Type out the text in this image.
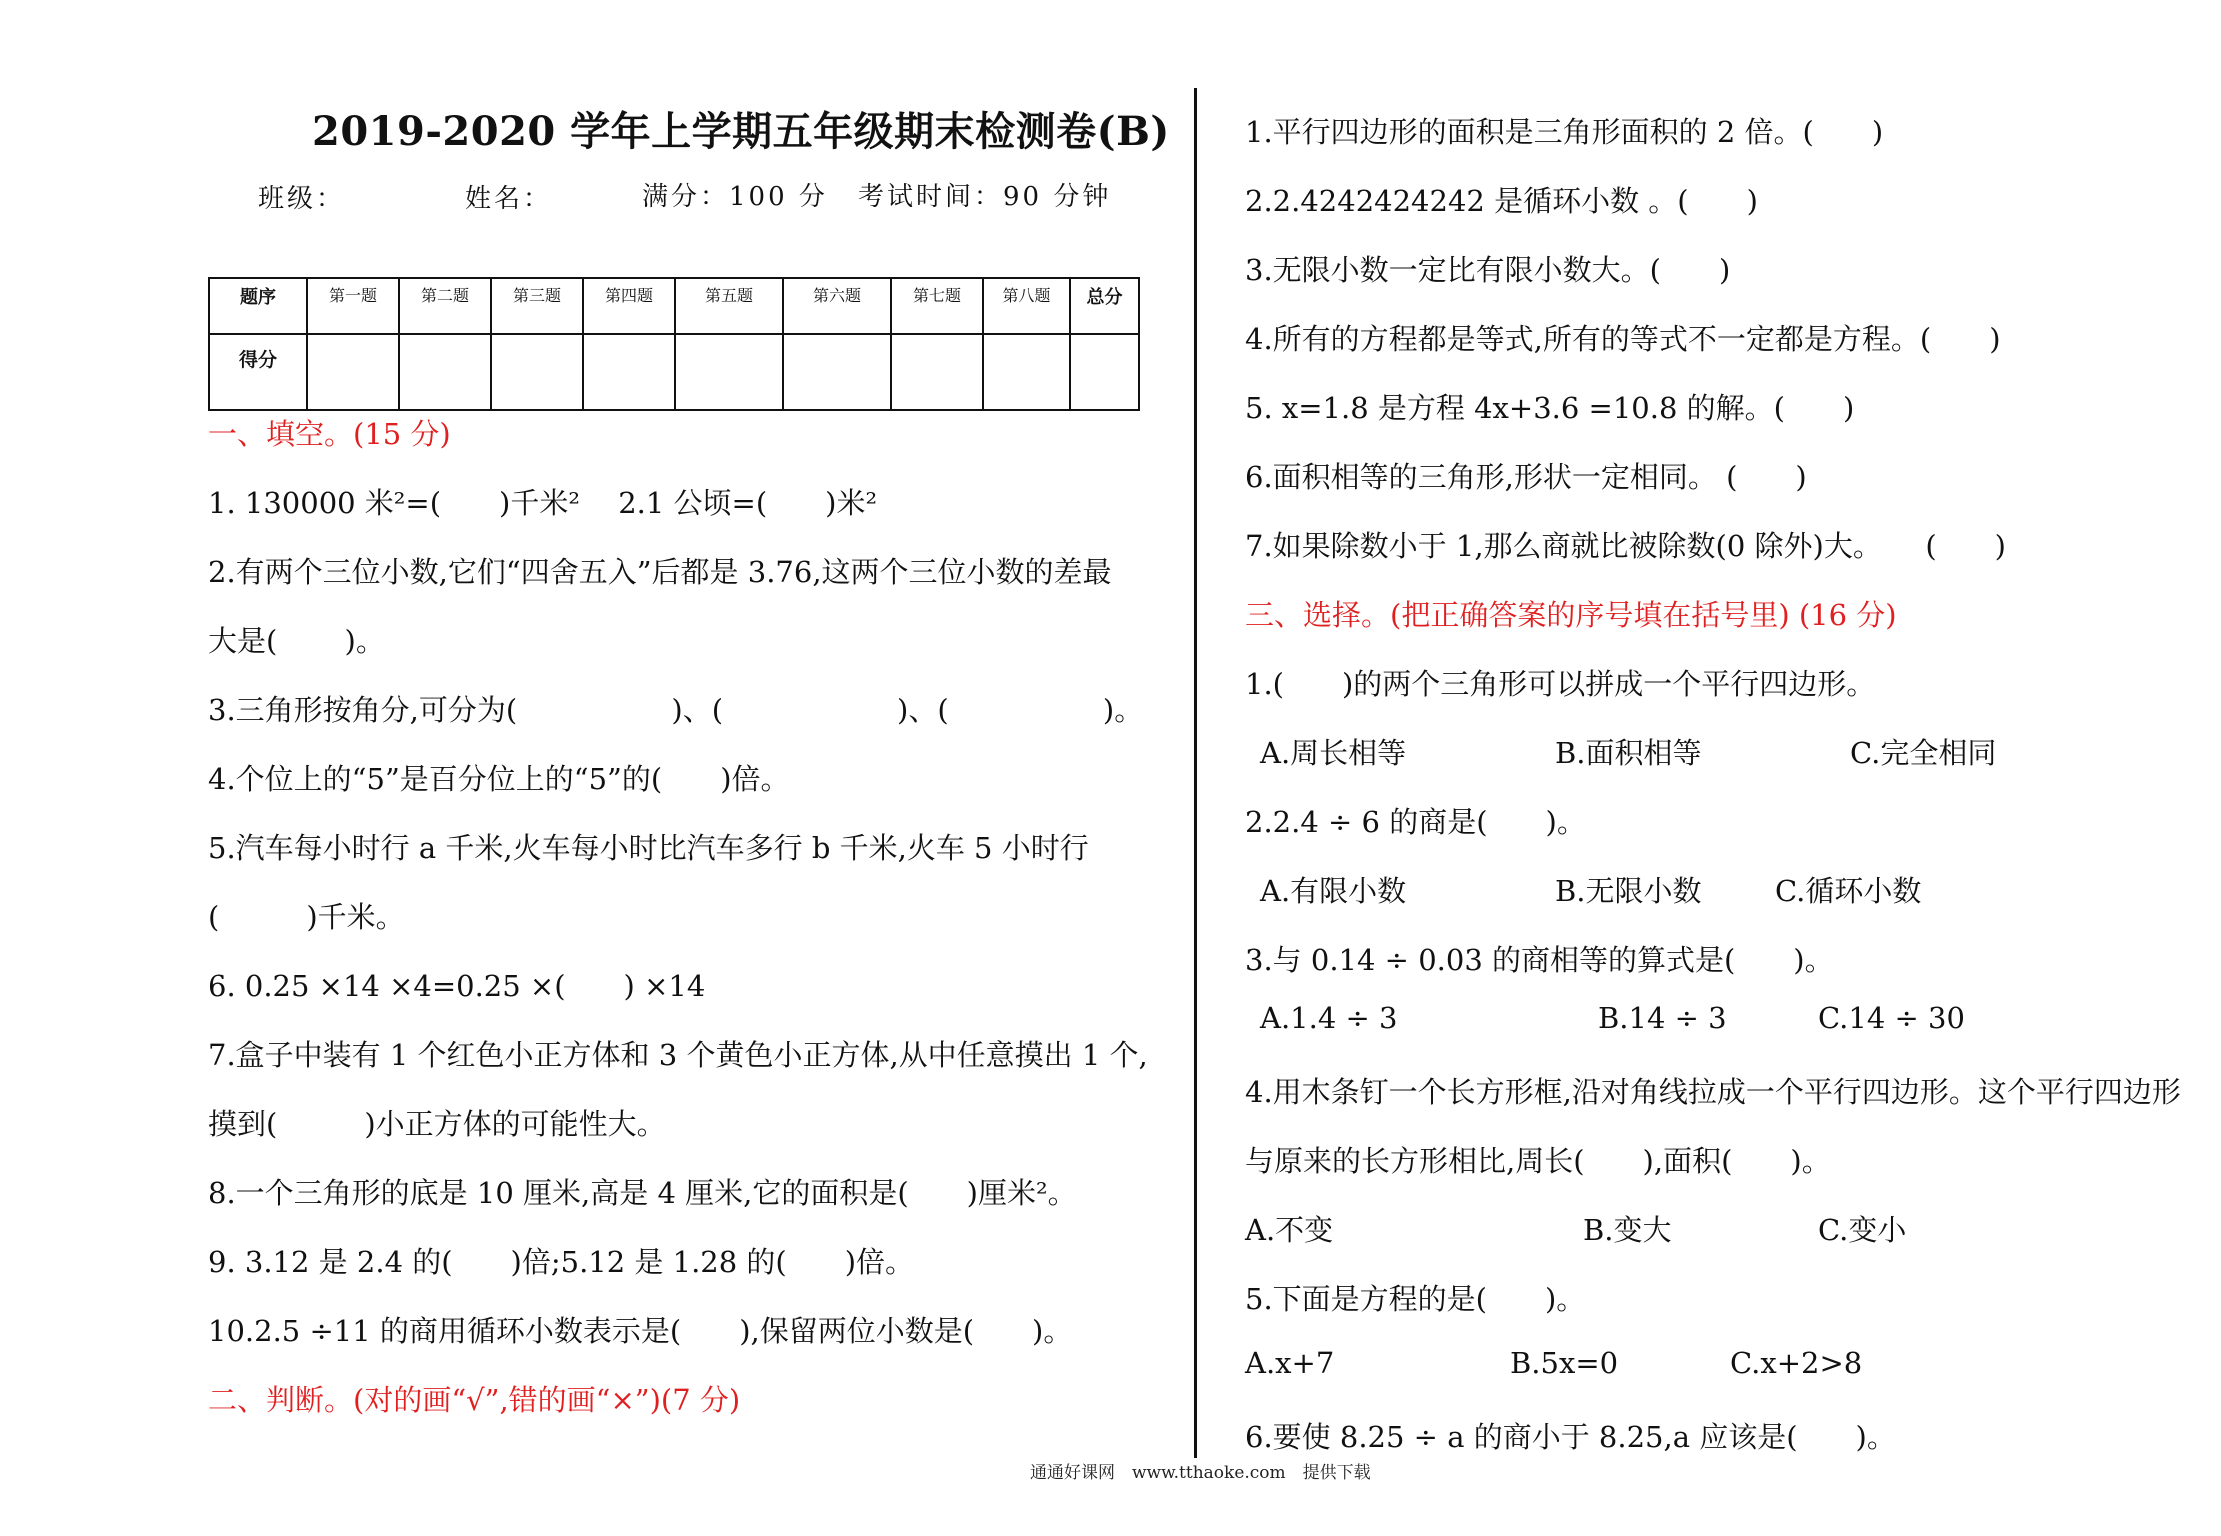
2019-2020 学年上学期五年级期末检测卷(B)
班级：	姓名：	满分：100 分 考试时间：90 分钟
题序	第一题	第二题	第三题	第四题	第五题	第六题	第七题	第八题	总分
得分									
一、填空。(15 分)
1. 130000 米²=(　　)千米²　 2.1 公顷=(　　)米²
2.有两个三位小数,它们“四舍五入”后都是 3.76,这两个三位小数的差最
大是(　　 )。
3.三角形按角分,可分为(　　　　　 )、(　　　　　　)、(　　　　　 )。
4.个位上的“5”是百分位上的“5”的(　　)倍。
5.汽车每小时行 a 千米,火车每小时比汽车多行 b 千米,火车 5 小时行
(　　　)千米。
6. 0.25 ×14 ×4=0.25 ×(　　) ×14
7.盒子中装有 1 个红色小正方体和 3 个黄色小正方体,从中任意摸出 1 个,
摸到(　　　)小正方体的可能性大。
8.一个三角形的底是 10 厘米,高是 4 厘米,它的面积是(　　)厘米²。
9. 3.12 是 2.4 的(　　)倍;5.12 是 1.28 的(　　)倍。
10.2.5 ÷11 的商用循环小数表示是(　　),保留两位小数是(　　)。
二、判断。(对的画“√”,错的画“×”)(7 分)
1.平行四边形的面积是三角形面积的 2 倍。(　　)
2.2.4242424242 是循环小数 。(　　)
3.无限小数一定比有限小数大。(　　)
4.所有的方程都是等式,所有的等式不一定都是方程。(　　)
5. x=1.8 是方程 4x+3.6 =10.8 的解。(　　)
6.面积相等的三角形,形状一定相同。 (　　)
7.如果除数小于 1,那么商就比被除数(0 除外)大。　　(　　)
三、选择。(把正确答案的序号填在括号里) (16 分)
1.(　　)的两个三角形可以拼成一个平行四边形。
A.周长相等	B.面积相等	C.完全相同
2.2.4 ÷ 6 的商是(　　)。
A.有限小数	B.无限小数	C.循环小数
3.与 0.14 ÷ 0.03 的商相等的算式是(　　)。
A.1.4 ÷ 3	B.14 ÷ 3	C.14 ÷ 30
4.用木条钉一个长方形框,沿对角线拉成一个平行四边形。这个平行四边形
与原来的长方形相比,周长(　　),面积(　　)。
A.不变	B.变大	C.变小
5.下面是方程的是(　　)。
A.x+7	B.5x=0	C.x+2>8
6.要使 8.25 ÷ a 的商小于 8.25,a 应该是(　　)。
通通好课网　www.tthaoke.com　提供下载
